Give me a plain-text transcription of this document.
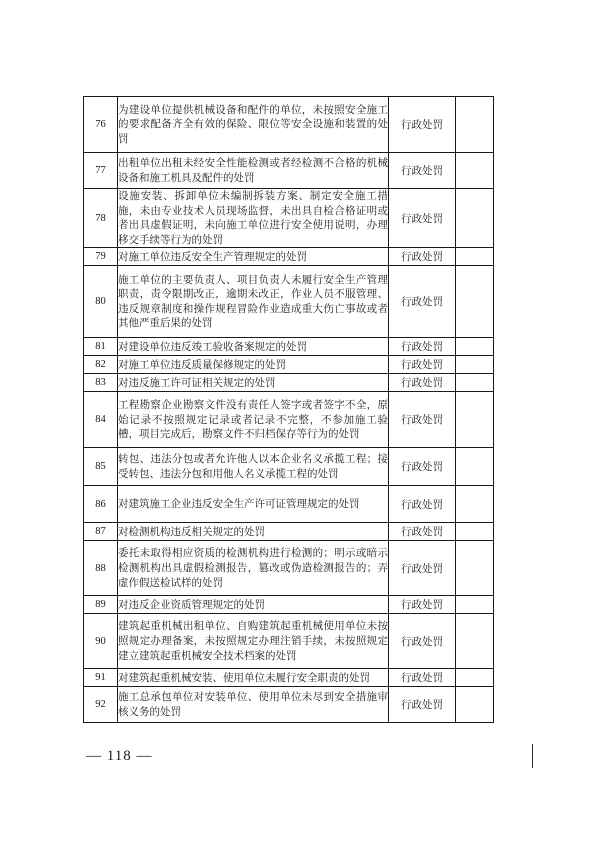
76	为建设单位提供机械设备和配件的单位，未按照安全施工的要求配备齐全有效的保险、限位等安全设施和装置的处罚	行政处罚	
77	出租单位出租未经安全性能检测或者经检测不合格的机械设备和施工机具及配件的处罚	行政处罚	
78	设施安装、拆卸单位未编制拆装方案、制定安全施工措施，未由专业技术人员现场监督，未出具自检合格证明或者出具虚假证明，未向施工单位进行安全使用说明，办理移交手续等行为的处罚	行政处罚	
79	对施工单位违反安全生产管理规定的处罚	行政处罚	
80	施工单位的主要负责人、项目负责人未履行安全生产管理职责，责令限期改正，逾期未改正，作业人员不服管理、违反规章制度和操作规程冒险作业造成重大伤亡事故或者其他严重后果的处罚	行政处罚	
81	对建设单位违反竣工验收备案规定的处罚	行政处罚	
82	对施工单位违反质量保修规定的处罚	行政处罚	
83	对违反施工许可证相关规定的处罚	行政处罚	
84	工程勘察企业勘察文件没有责任人签字或者签字不全，原始记录不按照规定记录或者记录不完整，不参加施工验槽，项目完成后，勘察文件不归档保存等行为的处罚	行政处罚	
85	转包、违法分包或者允许他人以本企业名义承揽工程；接受转包、违法分包和用他人名义承揽工程的处罚	行政处罚	
86	对建筑施工企业违反安全生产许可证管理规定的处罚	行政处罚	
87	对检测机构违反相关规定的处罚	行政处罚	
88	委托未取得相应资质的检测机构进行检测的；明示或暗示检测机构出具虚假检测报告，篡改或伪造检测报告的；弄虚作假送检试样的处罚	行政处罚	
89	对违反企业资质管理规定的处罚	行政处罚	
90	建筑起重机械出租单位、自购建筑起重机械使用单位未按照规定办理备案，未按照规定办理注销手续，未按照规定建立建筑起重机械安全技术档案的处罚	行政处罚	
91	对建筑起重机械安装、使用单位未履行安全职责的处罚	行政处罚	
92	施工总承包单位对安装单位、使用单位未尽到安全措施审核义务的处罚	行政处罚	
— 118 —
